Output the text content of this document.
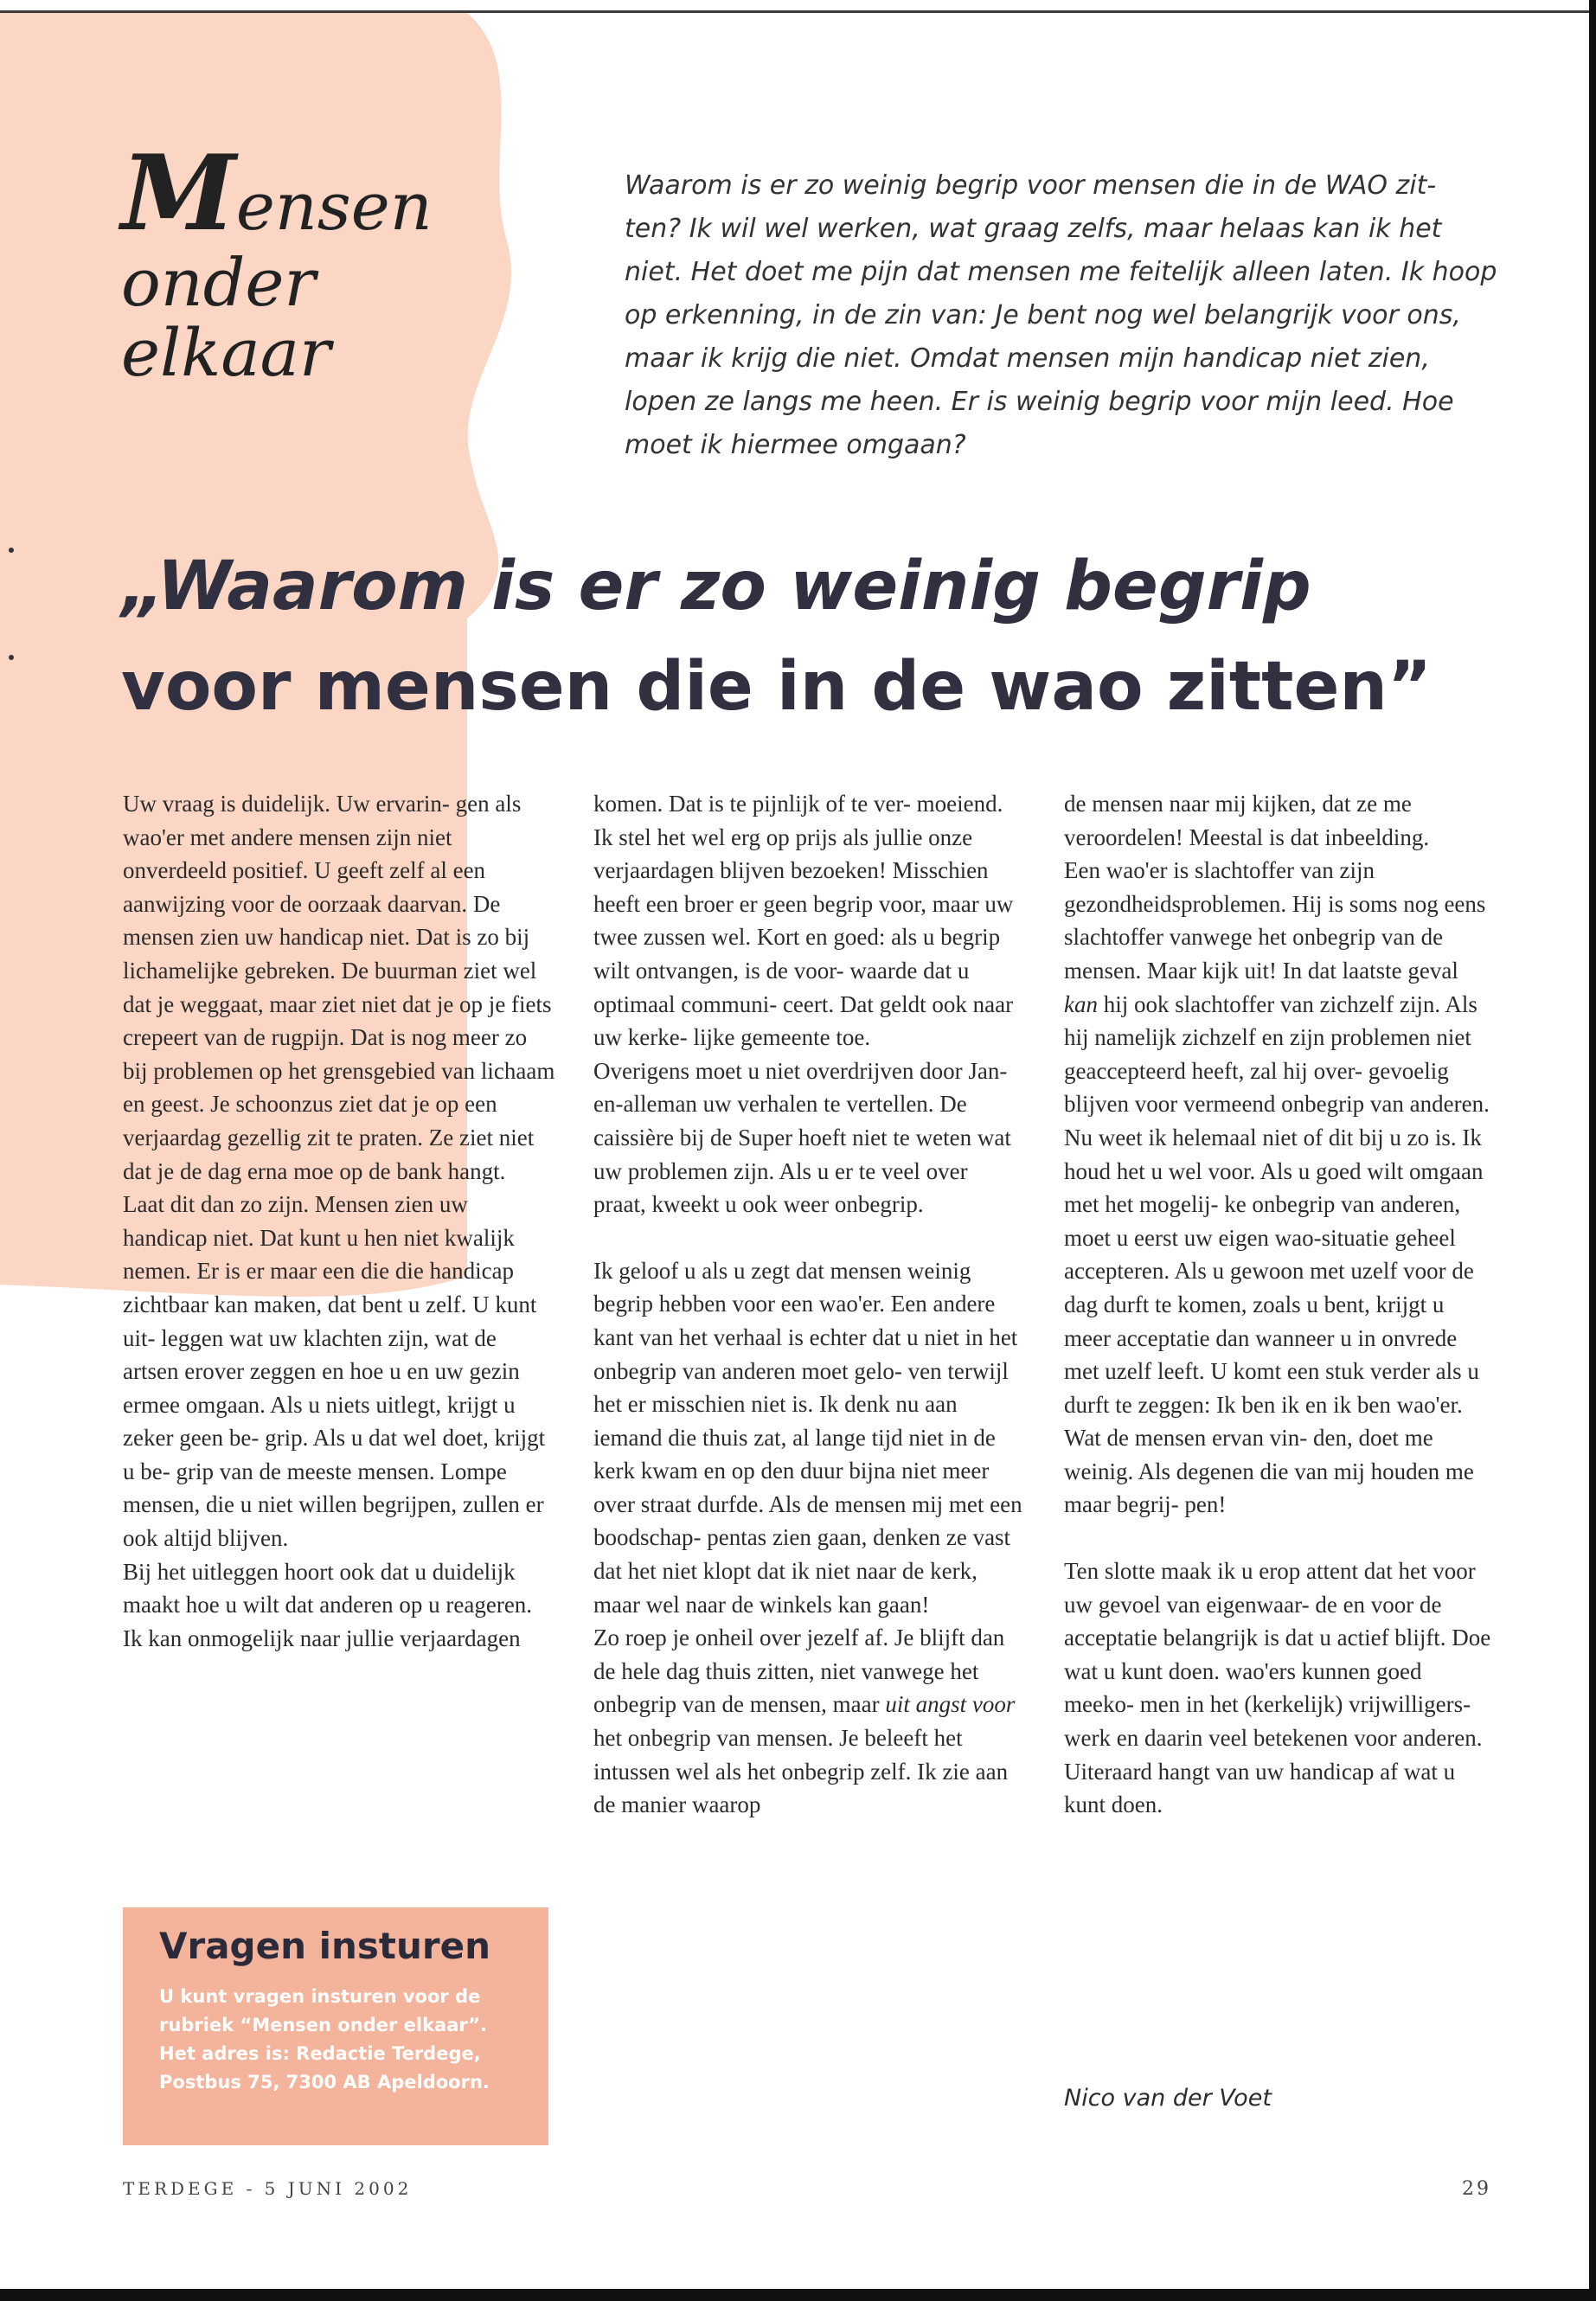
Mensen
onder
elkaar
Waarom is er zo weinig begrip voor mensen die in de WAO zit- ten? Ik wil wel werken, wat graag zelfs, maar helaas kan ik het niet. Het doet me pijn dat mensen me feitelijk alleen laten. Ik hoop op erkenning, in de zin van: Je bent nog wel belangrijk voor ons, maar ik krijg die niet. Omdat mensen mijn handicap niet zien, lopen ze langs me heen. Er is weinig begrip voor mijn leed. Hoe moet ik hiermee omgaan?
„Waarom is er zo weinig begrip
voor mensen die in de wao zitten”

Uw vraag is duidelijk. Uw ervarin- gen als wao'er met andere mensen zijn niet onverdeeld positief. U geeft zelf al een aanwijzing voor de oorzaak daarvan. De mensen zien uw handicap niet. Dat is zo bij lichamelijke gebreken. De buurman ziet wel dat je weggaat, maar ziet niet dat je op je fiets crepeert van de rugpijn. Dat is nog meer zo bij problemen op het grensgebied van lichaam en geest. Je schoonzus ziet dat je op een verjaardag gezellig zit te praten. Ze ziet niet dat je de dag erna moe op de bank hangt.

Laat dit dan zo zijn. Mensen zien uw handicap niet. Dat kunt u hen niet kwalijk nemen. Er is er maar een die die handicap zichtbaar kan maken, dat bent u zelf. U kunt uit- leggen wat uw klachten zijn, wat de artsen erover zeggen en hoe u en uw gezin ermee omgaan. Als u niets uitlegt, krijgt u zeker geen be- grip. Als u dat wel doet, krijgt u be- grip van de meeste mensen. Lompe mensen, die u niet willen begrijpen, zullen er ook altijd blijven.

Bij het uitleggen hoort ook dat u duidelijk maakt hoe u wilt dat anderen op u reageren. Ik kan onmogelijk naar jullie verjaardagen

komen. Dat is te pijnlijk of te ver- moeiend. Ik stel het wel erg op prijs als jullie onze verjaardagen blijven bezoeken! Misschien heeft een broer er geen begrip voor, maar uw twee zussen wel. Kort en goed: als u begrip wilt ontvangen, is de voor- waarde dat u optimaal communi- ceert. Dat geldt ook naar uw kerke- lijke gemeente toe.

Overigens moet u niet overdrijven door Jan-en-alleman uw verhalen te vertellen. De caissière bij de Super hoeft niet te weten wat uw problemen zijn. Als u er te veel over praat, kweekt u ook weer onbegrip.

Ik geloof u als u zegt dat mensen weinig begrip hebben voor een wao'er. Een andere kant van het verhaal is echter dat u niet in het onbegrip van anderen moet gelo- ven terwijl het er misschien niet is. Ik denk nu aan iemand die thuis zat, al lange tijd niet in de kerk kwam en op den duur bijna niet meer over straat durfde. Als de mensen mij met een boodschap- pentas zien gaan, denken ze vast dat het niet klopt dat ik niet naar de kerk, maar wel naar de winkels kan gaan!

Zo roep je onheil over jezelf af. Je blijft dan de hele dag thuis zitten, niet vanwege het onbegrip van de mensen, maar uit angst voor het onbegrip van mensen. Je beleeft het intussen wel als het onbegrip zelf. Ik zie aan de manier waarop

de mensen naar mij kijken, dat ze me veroordelen! Meestal is dat inbeelding.

Een wao'er is slachtoffer van zijn gezondheidsproblemen. Hij is soms nog eens slachtoffer vanwege het onbegrip van de mensen. Maar kijk uit! In dat laatste geval kan hij ook slachtoffer van zichzelf zijn. Als hij namelijk zichzelf en zijn problemen niet geaccepteerd heeft, zal hij over- gevoelig blijven voor vermeend onbegrip van anderen.

Nu weet ik helemaal niet of dit bij u zo is. Ik houd het u wel voor. Als u goed wilt omgaan met het mogelij- ke onbegrip van anderen, moet u eerst uw eigen wao-situatie geheel accepteren. Als u gewoon met uzelf voor de dag durft te komen, zoals u bent, krijgt u meer acceptatie dan wanneer u in onvrede met uzelf leeft. U komt een stuk verder als u durft te zeggen: Ik ben ik en ik ben wao'er. Wat de mensen ervan vin- den, doet me weinig. Als degenen die van mij houden me maar begrij- pen!

Ten slotte maak ik u erop attent dat het voor uw gevoel van eigenwaar- de en voor de acceptatie belangrijk is dat u actief blijft. Doe wat u kunt doen. wao'ers kunnen goed meeko- men in het (kerkelijk) vrijwilligers- werk en daarin veel betekenen voor anderen. Uiteraard hangt van uw handicap af wat u kunt doen.

Nico van der Voet

Vragen insturen

U kunt vragen insturen voor de rubriek “Mensen onder elkaar”. Het adres is: Redactie Terdege, Postbus 75, 7300 AB Apeldoorn.

TERDEGE - 5 JUNI 2002	29
